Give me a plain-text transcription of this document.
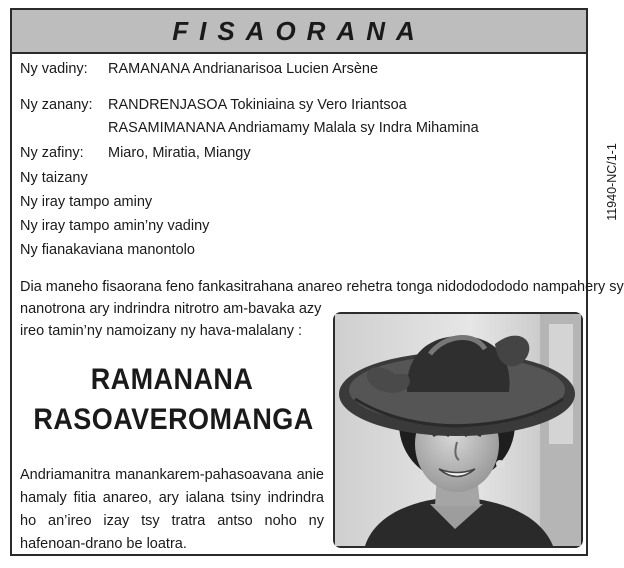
FISAORANA
Ny vadiny: RAMANANA Andrianarisoa Lucien Arsène
Ny zanany: RANDRENJASOA Tokiniaina sy Vero Iriantsoa
RASAMIMANANA Andriamamy Malala sy Indra Mihamina
Ny zafiny: Miaro, Miratia, Miangy
Ny taizany
Ny iray tampo aminy
Ny iray tampo amin’ny vadiny
Ny fianakaviana manontolo
Dia maneho fisaorana feno fankasitrahana anareo rehetra tonga nidododododo nampahery sy
nanotrona ary indrindra nitrotro am-bavaka azy
ireo tamin’ny namoizany ny hava-malalany :
RAMANANA
RASOAVEROMANGA
Andriamanitra manankarem-pahasoavana anie hamaly fitia anareo, ary ialana tsiny indrindra ho an’ireo izay tsy tratra antso noho ny hafenoan-drano be loatra.
11940-NC/1-1
